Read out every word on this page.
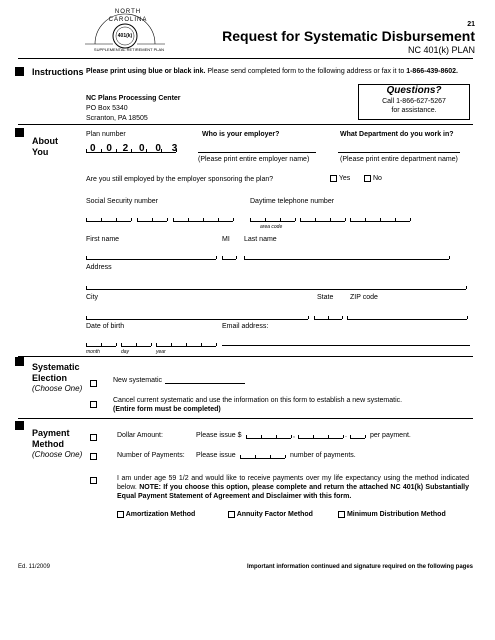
NORTH CAROLINA
401(k)
SUPPLEMENTAL RETIREMENT PLAN
21
Request for Systematic Disbursement
NC 401(k) PLAN
Instructions Please print using blue or black ink. Please send completed form to the following address or fax it to 1-866-439-8602.
NC Plans Processing Center
PO Box 5340
Scranton, PA 18505
Questions?
Call 1-866-627-5267
for assistance.
About
You
Plan number
0 0 2 0 0 3
Who is your employer?
(Please print entire employer name)
What Department do you work in?
(Please print entire department name)
Are you still employed by the employer sponsoring the plan?	Yes	No
Social Security number	Daytime telephone number
area code
First name	MI Last name
Address
City	State ZIP code
Date of birth	Email address:
month	day	year
Systematic
Election
(Choose One)
New systematic
Cancel current systematic and use the information on this form to establish a new systematic.
(Entire form must be completed)
Payment
Method
(Choose One)
Dollar Amount:	Please issue $	,	.	per payment.
Number of Payments: Please issue	number of payments.
I am under age 59 1/2 and would like to receive payments over my life expectancy using the method indicated below. NOTE: If you choose this option, please complete and return the attached NC 401(k) Substantially Equal Payment Statement of Agreement and Disclaimer with this form.
Amortization Method	Annuity Factor Method	Minimum Distribution Method
Ed. 11/2009	Important information continued and signature required on the following pages
